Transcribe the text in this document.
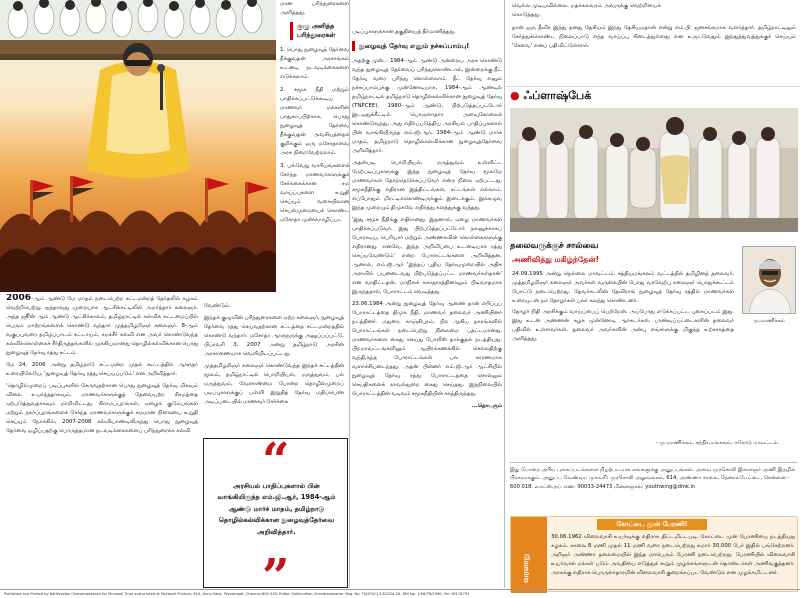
மான பரிந்துரைகளை அளித்தது.

குழு அளித்த பரிந்துரைகள்

1. பொது நுழைவுத் தேர்வை நீக்குவதன் அரசாங்கம் உடனடி நடவடிக்கைகளை எடுக்கலாம்.

2. சமூக நீதி மற்றும் பாதிக்கப்பட்டுக்கூடிய மாணவர் மக்களின் பாதுகாப்பிற்காக, பொது நுழைவுத் தேர்வை நீக்குவதன் அவசியத்தைக் குறிக்கும் ஒரு மசோதாவை அரசு நிறைவேற்றலாம்.

3. பல்வேறு வாரியங்களைச் சேர்ந்த மாணவர்களுக்குச் சேர்க்கைக்கான சம வாய்ப்புகளை உறுதி செய்யும் வகையிலான செயல்முறையைக் கொண்ட மசோதா முன்மொழிப்பட

2006-ஆம் ஆண்டு மே மாதம் நடைபெற்ற சட்டமன்றத் தேர்தலில் கழகம் வெற்றிபெற்று, ஐந்தாவது முறையாக ஆட்சிக்கட்டிலில் அமர்ந்தார் கலைஞர். அந்த ஜூன் ஆம் ஆண்டு ஆட்சிக்காலம், தமிழ்நாட்டில் கல்விக் கட்டமைப்பில் பெரும் மாற்றங்களைக் கொண்டு வந்தார் முத்தமிழறிஞர் கலைஞர். 8-ஆம் வகுப்புவரை தமிழ்ப்பாடம் கட்டாயம், சமச்சீர் கல்வி என அவர் கொண்டுவந்த கல்விக்கொள்கைச் சீர்திருத்தங்களில் முக்கியமானது தொழில்கல்விக்கான பொது நுழைவுத் தேர்வு ரத்து சட்டம்.

மே 24, 2006 அன்று தமிழ்நாடு சட்டமன்ற முதல் கூட்டத்தில் ஆளுநர் உரையிலேயே, 'நுழைவுத் தேர்வு ரத்து செய்யப்படும்' என அறிவித்தார்.

'தொழில்முறைப் படிப்புகளில் சேருவதற்கான பொது நுழைவுத் தேர்வு மிகவும் விலை உயர்ந்ததாகவும், மாணவர்களுக்குத் தேவையற்ற சிரமத்தை ஏற்படுத்துவதாகவும் மாறிவிட்டது. கிராமப்புறங்கள், ஏழைக் குடும்பங்கள் மற்றும் நகர்ப்புறங்களைச் சேர்ந்த மாணவர்களுக்குச் சமமான நிலையை உறுதி செய்யும் நோக்கில், 2007-2008 கல்வியாண்டிலிருந்து பொது நுழைவுத் தேர்வை ஒழிப்பதற்கு பொருத்தமான நடவடிக்கைகளைப் பரிந்துரைக்க கல்வி

வேண்டும்.

இந்தக் குழுவின் பரிந்துரைகளை ஏற்ற கலைஞர், நுழைவுத் தேர்வை ரத்து செய்வதற்கான சட்டத்தை சட்டமன்றத்தில் கொண்டு வந்தார். மசோதா ஆளுநருக்கு அனுப்பப்பட்டு, பிப்ரவரி 3, 2007 அன்று தமிழ்நாடு அரசின் அரசாணையாக வெளியிடப்பட்டது.

முத்தமிழறிஞர் கலைஞர் கொண்டுவந்த இந்தச் சட்டத்தின் மூலம், தமிழ்நாட்டில் பொறியியல், மருத்துவம், பல் மருத்துவம், வேளாண்மை போன்ற தொழில்முறைப் படிப்புகளுக்குப் பள்ளி இறுதித் தேர்வு மதிப்பெண் அடிப்படையில் மாணவர் சேர்க்கை

“
அரசியல் பாதிப்புகளால் பின் வாங்கியிருந்த எம்.ஜி.ஆர், 1984-ஆம் ஆண்டு மார்ச் மாதம், தமிழ்நாடு தொழில்கல்விக்கான நுழைவுத்தேர்வை அறிவித்தார்.
”

படிப்புகளுக்கான தகுதியைத் தீர்மானித்தது.

நுழைவுத் தேர்வு எனும் நச்சுப்பாம்பு!

அதற்கு முன்... 1984-ஆம் ஆண்டு அன்றைய அரசு கொண்டு வந்த நுழைவுத் தேர்வைப் புரிந்துகொண்டால், இன்றைக்கு நீட் தேர்வு வரை புரிந்து கொள்ளலாம். நீட் தேர்வு எனும் நச்சுப்பாம்புக்கு முன்னோடியாக, 1984-ஆம் ஆண்டில் தமிழ்நாட்டில் தமிழ்நாடு தொழில்கல்விக்கான நுழைவுத் தேர்வு (TNPCEE). 1980-ஆம் ஆண்டு, பிற்படுத்தப்பட்டோர் இடஒதுக்கீட்டில் பொருளாதார அளவுகோலைக் கொண்டுவந்து, அது எதிர்ப்படுத்திய அரசியல் பாதிப்புகளால் பின் வாங்கியிருந்த எம்.ஜி.ஆர், 1984-ஆம் ஆண்டு மார்ச் மாதம், தமிழ்நாடு தொழில்கல்விக்கான நுழைவுத்தேர்வை அறிவித்தார்.

அதன்படி, பொறியியல், மருத்துவம் உள்ளிட்ட மேற்படிப்புகளுக்கு இந்த நுழைவுத் தேர்வு மூலமே மாணவர்கள் தேர்ந்தெடுக்கப்படுவர் என்ற நிலை ஏற்பட்டது. சமூகநீதிக்கு எதிரான இத்திட்டங்கள், சட்டங்கள் எல்லாம், எப்போதும் மிரட்டிக்கொண்டிருக்கும் இடைக்கும், இக்கழுவ இந்த முறையும் திமுகவே எதிர்த்து களத்துக்கு வந்தது.

'இது சமூக நீதிக்கு எதிரானது. இதனால், ஏழை மாணவர்கள் பாதிக்கப்படுவர். இது பிற்படுத்தப்பட்டோர் நலனுக்காகப் போராடிய, பெரியார் மற்றும் அண்ணாவின் கொள்கைகளுக்கு எதிரானது. எனவே, இந்த அறிவிப்பை உடனடியாக ரத்து செய்யவேண்டும்' என்ற போராட்டங்களை அறிவித்தன. ஆனால், எம்.ஜி.ஆர் 'இந்தப் புதிய தேர்வுமுறையில் அதிக அளவில் பயனடைவது பிற்படுத்தப்பட்ட மாணவர்கள்தான்' என வாதிட்டதன், மாநிலச் சுகாதாரத்தினாலும் பிடிவாதமாக இருந்ததால், போராட்டம் வெடித்தது.

23.06.1984 அன்று நுழைவுத் தேர்வு ஆணை தான் எரிப்புப் போராட்டத்தை திமுக நீதி, மாணவர் தலைவர் அணியினர் நடத்தினர். மதுரை, காஞ்சிபுரம், பிற ஆகிய நகரங்களில் போராட்டங்கள் நடைபெற்று நிலைமை பதட்டமானது. மாணவர்களை கைது செய்து போலீஸ் தாக்குதல் நடத்தியது. பிறமாவட்டங்களிலும் ஆயிரக்கணக்கில் செல்லதிற்கு வந்திருந்த போராட்டங்கள் பல காரணமாக வளர்ச்சியடைந்தது. அதன் பின்னர் எம்.ஜி.ஆர் ஆட்சியில் நுழைவுத் தேர்வு ரத்து போராட்டத்தை சொல்லும் செய்திகளைக் காவல்துறை கைது செய்தது. இந்நிலையில் போராட்டத்தின் வடிவம் சமூகநீதியின் காத்திருந்தது.

...தொடரும்

வெல்ல முடியவில்லை. மதக்கலவரம் அவருக்கு வெற்றியைக்

கொடுத்தது.

தான் ஒரு தீவிர இந்து தனது தேசியம் இந்து தேசியமதான் என்று எம்.பி. ஜனசங்கமாக வளர்த்தார். தமிழ்நாட்டிலும் சேர்த்துக்கொண்ட நிலைப்பாடு எந்த வாய்ப்பு கிடைத்துள்ளது என உருட்டுவதும் இந்துத்துவத்துக்குச் செய்யும் 'சேவை' எனப் பதிவிட்டுள்ளார்.

● ஃப்ளாஷ்பேக்
தலைவருக்குச் சால்வை
அணிவித்து மகிழ்ந்தேன்!

24.09.1995 அன்று நெல்லை மாவட்டம், சத்தியமங்கலம் வட்டத்தில் தமிழினத் தலைவர், முத்தமிழறிஞர் கலைஞர் அவர்கள் வருகையின் போது வரவேற்பு கலைஞர் பொதுக்கூட்டம் போட்டு நடைபெற்றது. தேவர்கடலின் தேவிராங் நுழைவுத் தேர்வு ரத்தில் மாணவர்கள் உரையுடன் நம் தோழர்கள் பலர் கலந்து கொண்டனர்.

தோழர் நிதி அரசிக்கும் வாய்ப்பைப் பெற்றேன். அப்போது எடுக்கப்பட்ட புகைப்படம் இது. இது உடன் அண்ணன் கழக முன்னோடி ஆர்சுடர்கள், பாண்டிப்பட்டைகளின் தலைவர் பதிவில் உள்ளவர்கள். தலைவர் அவர்களின் அன்பு எங்களுக்கு மிகுந்த உற்சாகத்தை அளித்தது.

மு.மாணிக்கம்
- மு.மாணிக்கம், சத்தியமங்கலம், ஈரோடு மாவட்டம்.

இது போன்ற அரிய புகைப்படங்களை நிழற்படமாக எங்களுக்கு அனுப்புங்கள். அவை முரசொலி இளைஞர் அணி இதழில் பிரசுரமாகும். அனுப்ப வேண்டிய முகவரி: முரசொலி அலுவலகம், 614, அண்ணா சாலை, தேனாம்பேட்டை, சென்னை - 600 018. வாட்ஸ்அப் எண்: 90033-24473 மின்னஞ்சல்: youthwing@dmk.in

வரலாறு
கோட்டை முன் பேரணி!
30.06.1962 விலைவாசி உயர்வுக்கு எதிராக திட்டமிட்டபடி, கோட்டை முன் பேரணியை நடத்தியது கழகம். காலை 8 மணி முதல் 11 மணி வரை நடைபெற்றது சுமார் 30,000 பேர் இதில் பங்கேற்றனர். அறிஞர் அண்ணா தலைமையில் இந்த மாபெரும் பேரணி நடைபெற்றது. பேரணியில் விலைவாசி உயர்வால் மக்கள் படும் அவதியை எடுத்துக் கூறும் முழக்கங்களுடன் தொண்டர்கள் அணிவகுத்தனர். அரசுக்கு எதிராக பொருளாதாரமின் விலைவாசி குறைக்கப்பட வேண்டும் என முழக்கமிட்டனர்.
Published and Printed by Kathirvelan Chandrasekaran for Murasoli Trust and printed at Murasoli Printers, 614, Anna Salai, Teynampet, Chennai-600 018. Editor: Kathirvelan Chandrasekaran. Reg. No. TN/CH(C)/13/2024-26. RNI No. 1/46/TN/1960. Tel: 28176791
